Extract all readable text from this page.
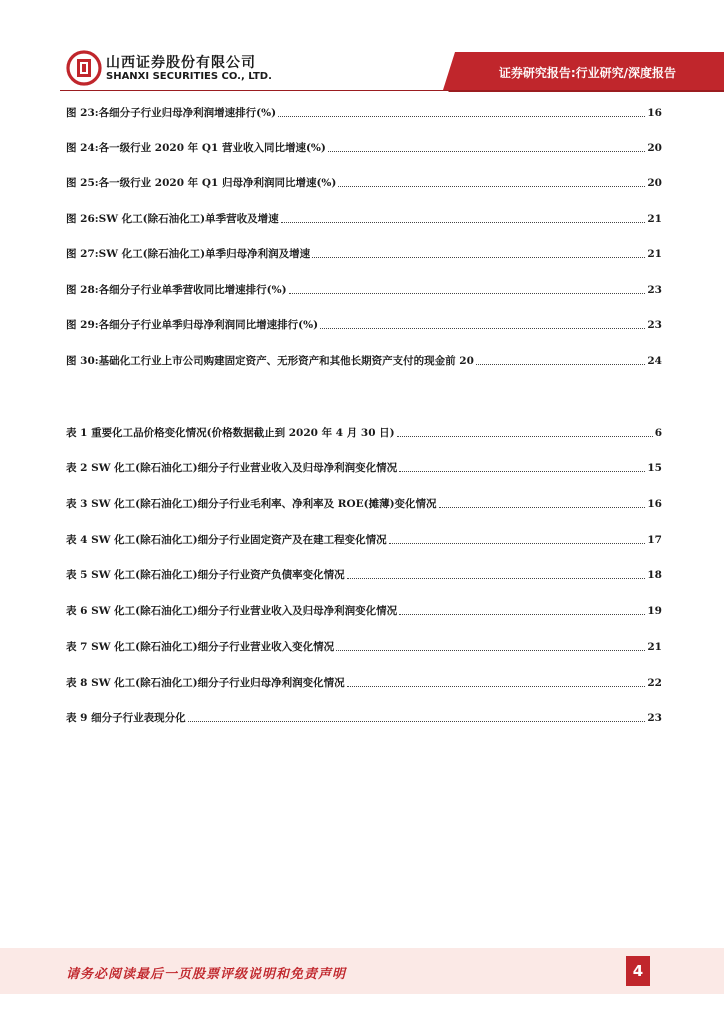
山西证券股份有限公司
SHANXI SECURITIES CO., LTD.	证券研究报告:行业研究/深度报告
图 23:各细分子行业归母净利润增速排行(%)	16
图 24:各一级行业 2020 年 Q1 营业收入同比增速(%)	20
图 25:各一级行业 2020 年 Q1 归母净利润同比增速(%)	20
图 26:SW 化工(除石油化工)单季营收及增速	21
图 27:SW 化工(除石油化工)单季归母净利润及增速	21
图 28:各细分子行业单季营收同比增速排行(%)	23
图 29:各细分子行业单季归母净利润同比增速排行(%)	23
图 30:基础化工行业上市公司购建固定资产、无形资产和其他长期资产支付的现金前 20	24
表 1 重要化工品价格变化情况(价格数据截止到 2020 年 4 月 30 日)	6
表 2 SW 化工(除石油化工)细分子行业营业收入及归母净利润变化情况	15
表 3 SW 化工(除石油化工)细分子行业毛利率、净利率及 ROE(摊薄)变化情况	16
表 4 SW 化工(除石油化工)细分子行业固定资产及在建工程变化情况	17
表 5 SW 化工(除石油化工)细分子行业资产负债率变化情况	18
表 6 SW 化工(除石油化工)细分子行业营业收入及归母净利润变化情况	19
表 7 SW 化工(除石油化工)细分子行业营业收入变化情况	21
表 8 SW 化工(除石油化工)细分子行业归母净利润变化情况	22
表 9 细分子行业表现分化	23
请务必阅读最后一页股票评级说明和免责声明	4
